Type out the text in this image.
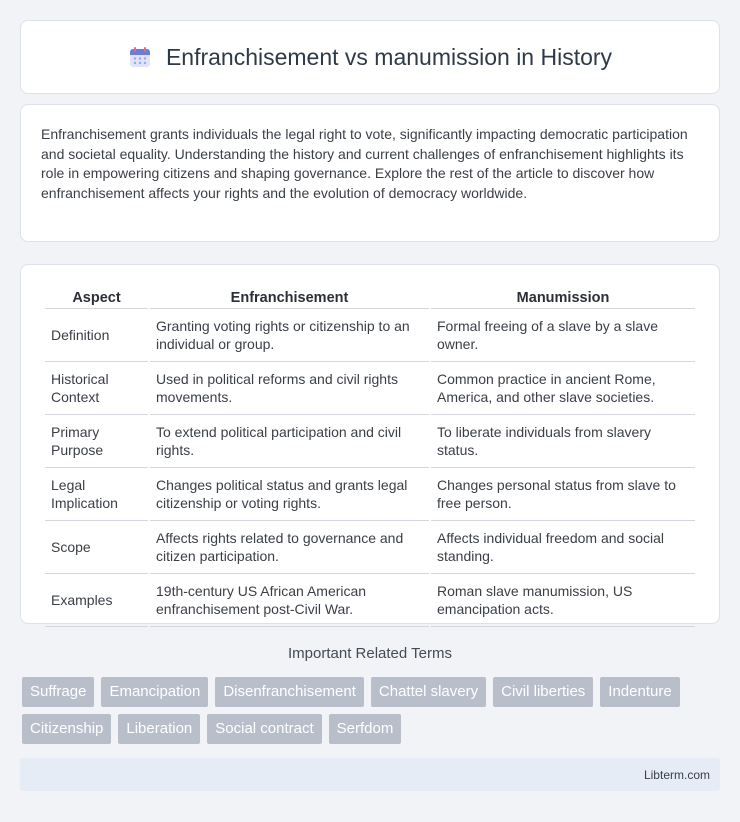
Enfranchisement vs manumission in History

Enfranchisement grants individuals the legal right to vote, significantly impacting democratic participation and societal equality. Understanding the history and current challenges of enfranchisement highlights its role in empowering citizens and shaping governance. Explore the rest of the article to discover how enfranchisement affects your rights and the evolution of democracy worldwide.

Aspect	Enfranchisement	Manumission
Definition	Granting voting rights or citizenship to an individual or group.	Formal freeing of a slave by a slave owner.
Historical Context	Used in political reforms and civil rights movements.	Common practice in ancient Rome, America, and other slave societies.
Primary Purpose	To extend political participation and civil rights.	To liberate individuals from slavery status.
Legal Implication	Changes political status and grants legal citizenship or voting rights.	Changes personal status from slave to free person.
Scope	Affects rights related to governance and citizen participation.	Affects individual freedom and social standing.
Examples	19th-century US African American enfranchisement post-Civil War.	Roman slave manumission, US emancipation acts.
Important Related Terms
Suffrage	Emancipation	Disenfranchisement	Chattel slavery	Civil liberties	Indenture
Citizenship	Liberation	Social contract	Serfdom
Libterm.com
